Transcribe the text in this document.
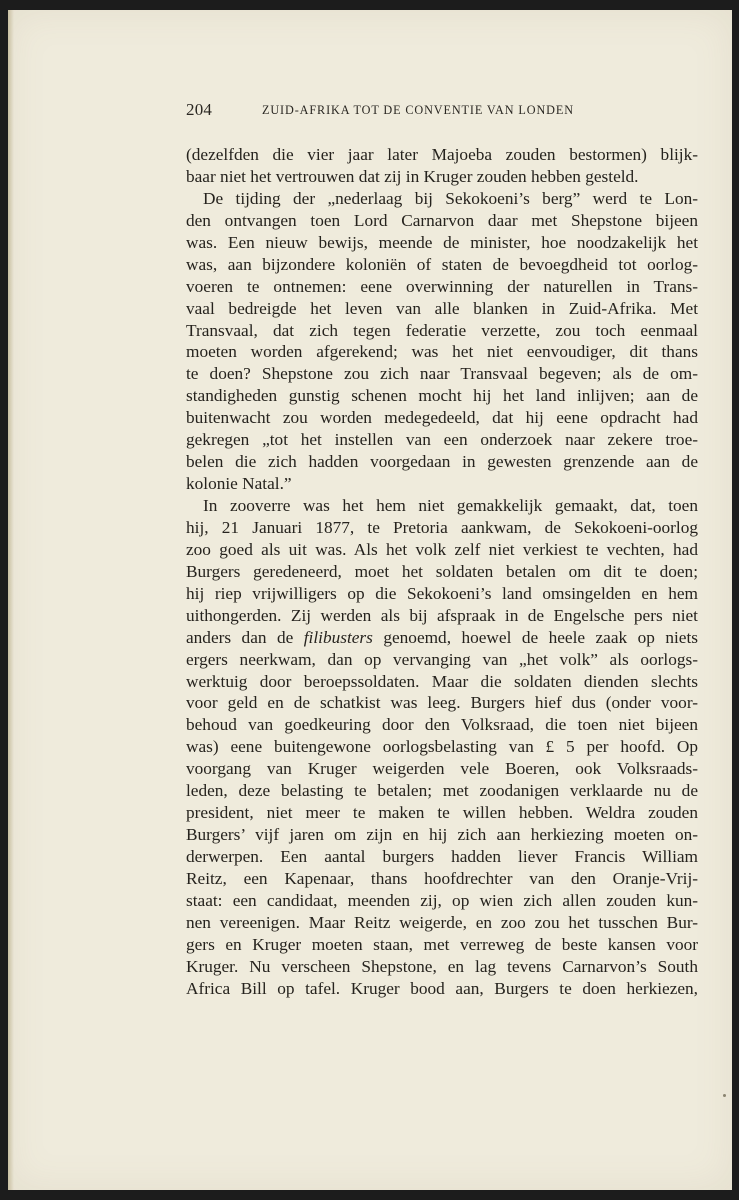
204	ZUID-AFRIKA TOT DE CONVENTIE VAN LONDEN
(dezelfden die vier jaar later Majoeba zouden bestormen) blijk-
baar niet het vertrouwen dat zij in Kruger zouden hebben gesteld.
De tijding der „nederlaag bij Sekokoeni’s berg” werd te Lon-
den ontvangen toen Lord Carnarvon daar met Shepstone bijeen
was. Een nieuw bewijs, meende de minister, hoe noodzakelijk het
was, aan bijzondere koloniën of staten de bevoegdheid tot oorlog-
voeren te ontnemen: eene overwinning der naturellen in Trans-
vaal bedreigde het leven van alle blanken in Zuid-Afrika. Met
Transvaal, dat zich tegen federatie verzette, zou toch eenmaal
moeten worden afgerekend; was het niet eenvoudiger, dit thans
te doen? Shepstone zou zich naar Transvaal begeven; als de om-
standigheden gunstig schenen mocht hij het land inlijven; aan de
buitenwacht zou worden medegedeeld, dat hij eene opdracht had
gekregen „tot het instellen van een onderzoek naar zekere troe-
belen die zich hadden voorgedaan in gewesten grenzende aan de
kolonie Natal.”
In zooverre was het hem niet gemakkelijk gemaakt, dat, toen
hij, 21 Januari 1877, te Pretoria aankwam, de Sekokoeni-oorlog
zoo goed als uit was. Als het volk zelf niet verkiest te vechten, had
Burgers geredeneerd, moet het soldaten betalen om dit te doen;
hij riep vrijwilligers op die Sekokoeni’s land omsingelden en hem
uithongerden. Zij werden als bij afspraak in de Engelsche pers niet
anders dan de filibusters genoemd, hoewel de heele zaak op niets
ergers neerkwam, dan op vervanging van „het volk” als oorlogs-
werktuig door beroepssoldaten. Maar die soldaten dienden slechts
voor geld en de schatkist was leeg. Burgers hief dus (onder voor-
behoud van goedkeuring door den Volksraad, die toen niet bijeen
was) eene buitengewone oorlogsbelasting van £ 5 per hoofd. Op
voorgang van Kruger weigerden vele Boeren, ook Volksraads-
leden, deze belasting te betalen; met zoodanigen verklaarde nu de
president, niet meer te maken te willen hebben. Weldra zouden
Burgers’ vijf jaren om zijn en hij zich aan herkiezing moeten on-
derwerpen. Een aantal burgers hadden liever Francis William
Reitz, een Kapenaar, thans hoofdrechter van den Oranje-Vrij-
staat: een candidaat, meenden zij, op wien zich allen zouden kun-
nen vereenigen. Maar Reitz weigerde, en zoo zou het tusschen Bur-
gers en Kruger moeten staan, met verreweg de beste kansen voor
Kruger. Nu verscheen Shepstone, en lag tevens Carnarvon’s South
Africa Bill op tafel. Kruger bood aan, Burgers te doen herkiezen,
